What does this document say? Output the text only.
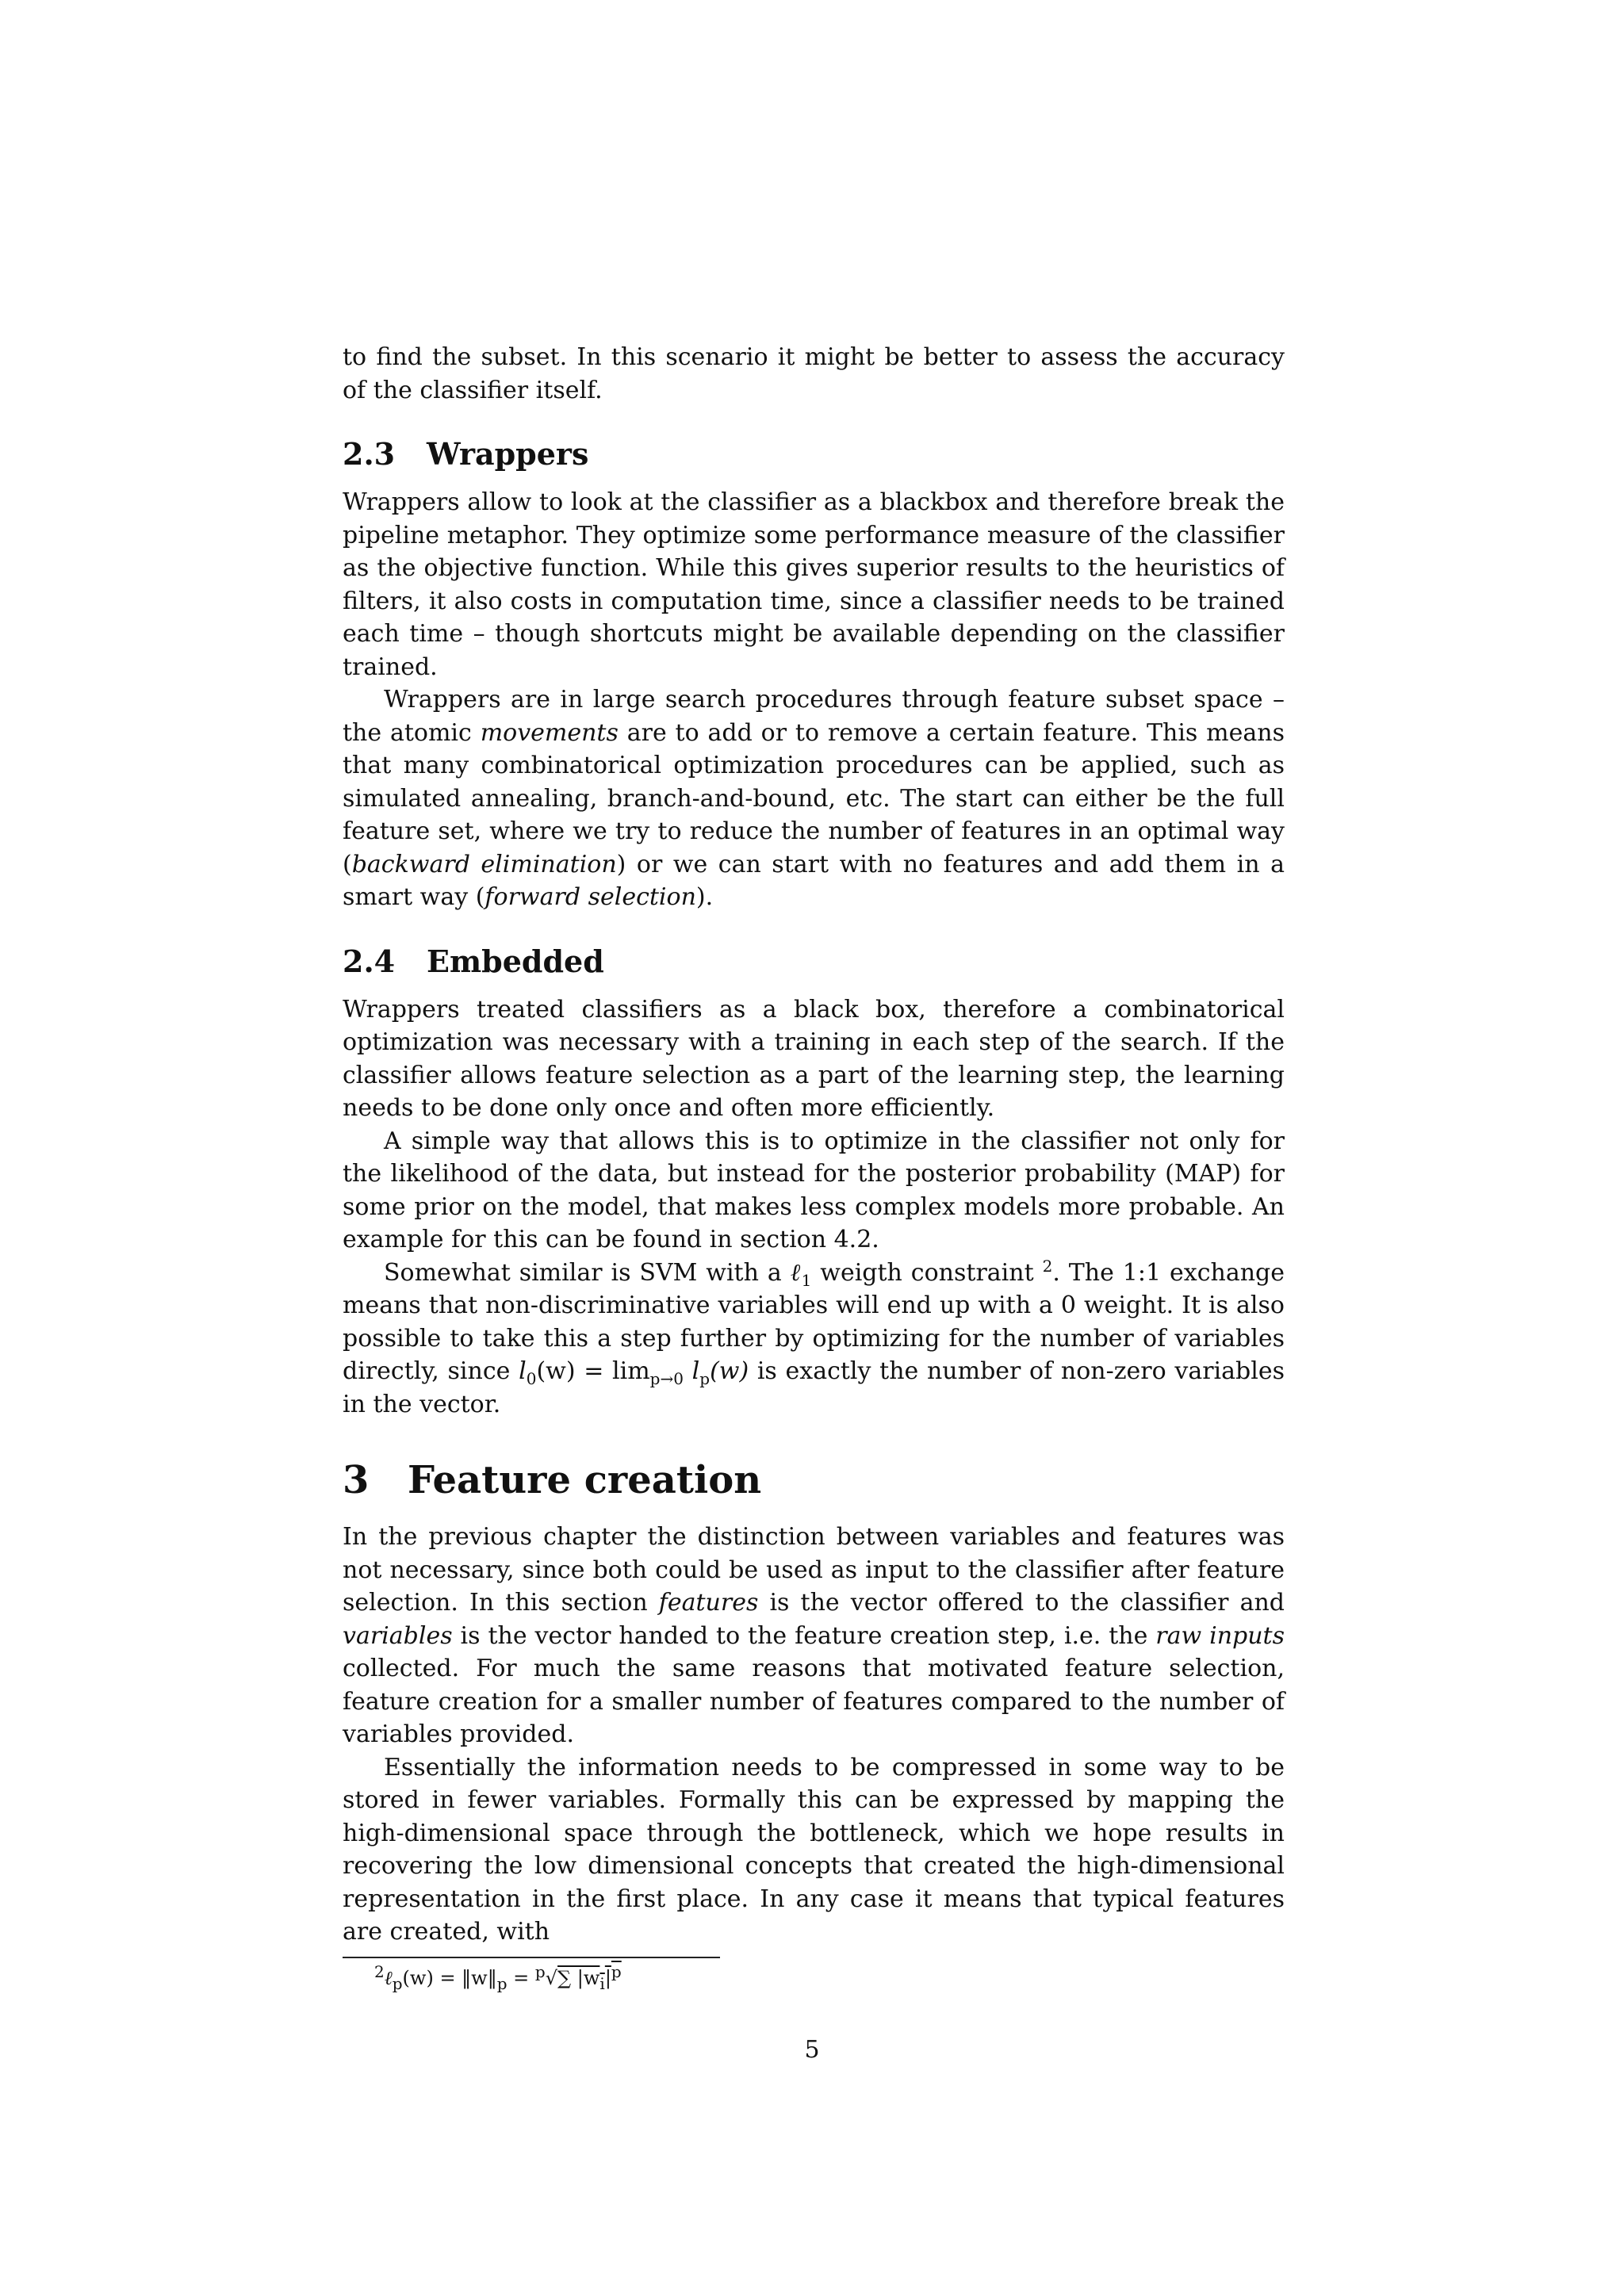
to find the subset. In this scenario it might be better to assess the accuracy of the classifier itself.

2.3 Wrappers

Wrappers allow to look at the classifier as a blackbox and therefore break the pipeline metaphor. They optimize some performance measure of the classifier as the objective function. While this gives superior results to the heuristics of filters, it also costs in computation time, since a classifier needs to be trained each time – though shortcuts might be available depending on the classifier trained.

Wrappers are in large search procedures through feature subset space – the atomic movements are to add or to remove a certain feature. This means that many combinatorical optimization procedures can be applied, such as simulated annealing, branch-and-bound, etc. The start can either be the full feature set, where we try to reduce the number of features in an optimal way (backward elimination) or we can start with no features and add them in a smart way (forward selection).

2.4 Embedded

Wrappers treated classifiers as a black box, therefore a combinatorical optimization was necessary with a training in each step of the search. If the classifier allows feature selection as a part of the learning step, the learning needs to be done only once and often more efficiently.

A simple way that allows this is to optimize in the classifier not only for the likelihood of the data, but instead for the posterior probability (MAP) for some prior on the model, that makes less complex models more probable. An example for this can be found in section 4.2.

Somewhat similar is SVM with a ℓ$_1$ weigth constraint $^2$. The 1:1 exchange means that non-discriminative variables will end up with a 0 weight. It is also possible to take this a step further by optimizing for the number of variables directly, since $l_0(w) = \lim_{p\to 0} l_p(w)$ is exactly the number of non-zero variables in the vector.

3 Feature creation

In the previous chapter the distinction between variables and features was not necessary, since both could be used as input to the classifier after feature selection. In this section features is the vector offered to the classifier and variables is the vector handed to the feature creation step, i.e. the raw inputs collected. For much the same reasons that motivated feature selection, feature creation for a smaller number of features compared to the number of variables provided.

Essentially the information needs to be compressed in some way to be stored in fewer variables. Formally this can be expressed by mapping the high-dimensional space through the bottleneck, which we hope results in recovering the low dimensional concepts that created the high-dimensional representation in the first place. In any case it means that typical features are created, with

$^2$ℓ$_p$(w) = $‖w‖_p = ^p√\sum$ $|w_i|^p$
5
